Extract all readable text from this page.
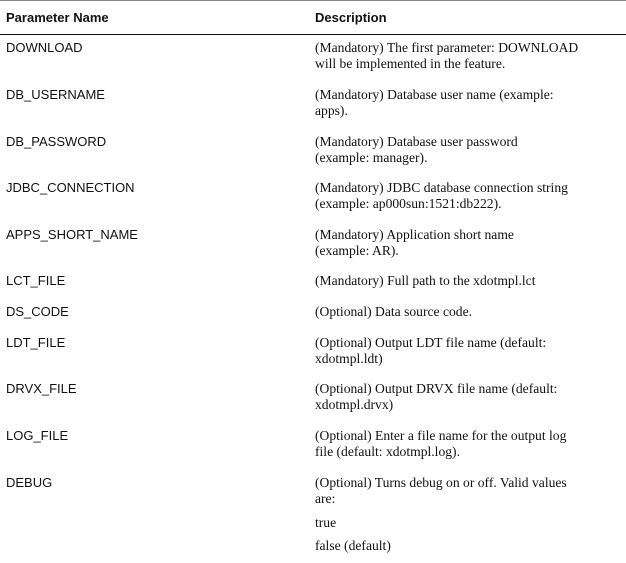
Parameter Name	Description
DOWNLOAD	(Mandatory) The first parameter: DOWNLOAD
will be implemented in the feature.
DB_USERNAME	(Mandatory) Database user name (example:
apps).
DB_PASSWORD	(Mandatory) Database user password
(example: manager).
JDBC_CONNECTION	(Mandatory) JDBC database connection string
(example: ap000sun:1521:db222).
APPS_SHORT_NAME	(Mandatory) Application short name
(example: AR).
LCT_FILE	(Mandatory) Full path to the xdotmpl.lct
DS_CODE	(Optional) Data source code.
LDT_FILE	(Optional) Output LDT file name (default:
xdotmpl.ldt)
DRVX_FILE	(Optional) Output DRVX file name (default:
xdotmpl.drvx)
LOG_FILE	(Optional) Enter a file name for the output log
file (default: xdotmpl.log).
DEBUG	(Optional) Turns debug on or off. Valid values
are:
true
false (default)
